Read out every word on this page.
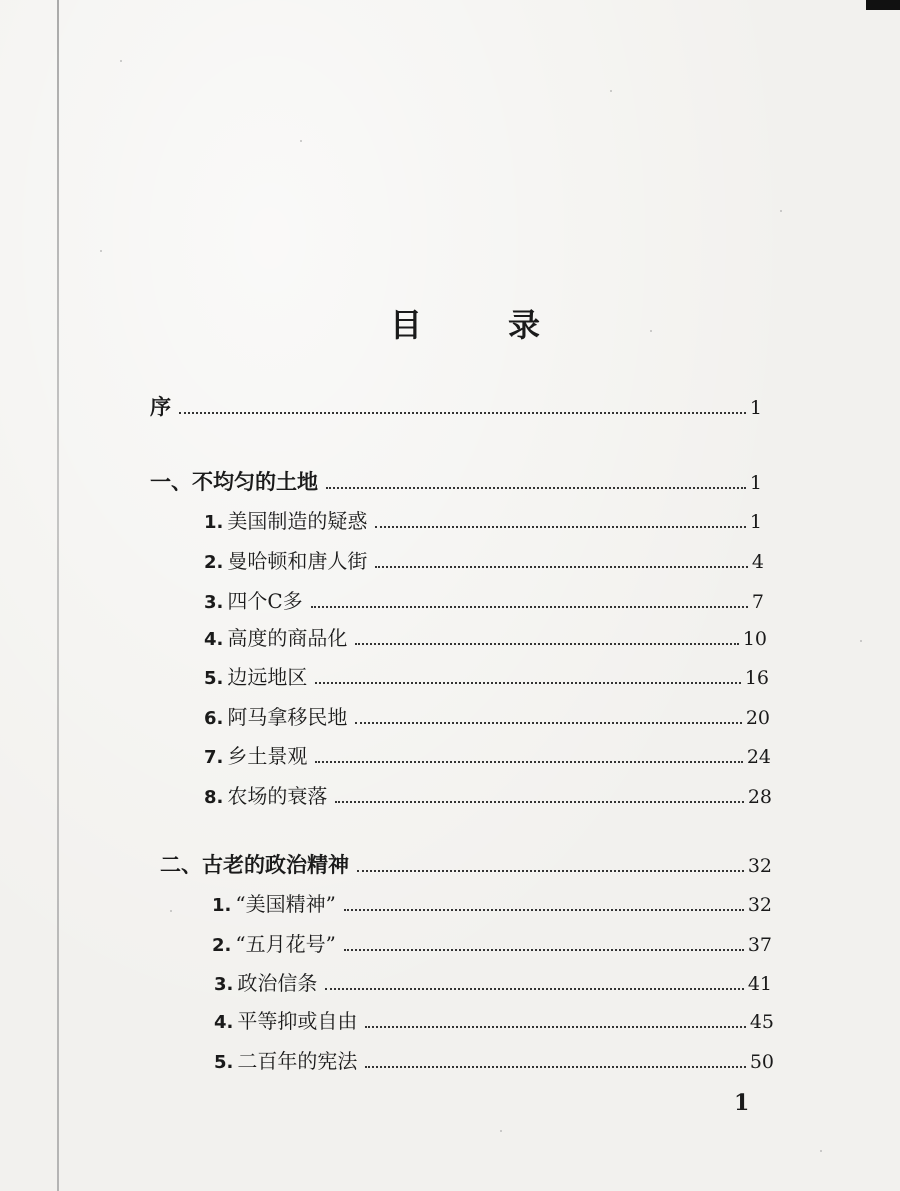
目	录
序	1
一、不均匀的土地	1
1. 美国制造的疑惑	1
2. 曼哈顿和唐人街	4
3. 四个C多	7
4. 高度的商品化	10
5. 边远地区	16
6. 阿马拿移民地	20
7. 乡土景观	24
8. 农场的衰落	28
二、古老的政治精神	32
1. “美国精神”	32
2. “五月花号”	37
3. 政治信条	41
4. 平等抑或自由	45
5. 二百年的宪法	50
1
